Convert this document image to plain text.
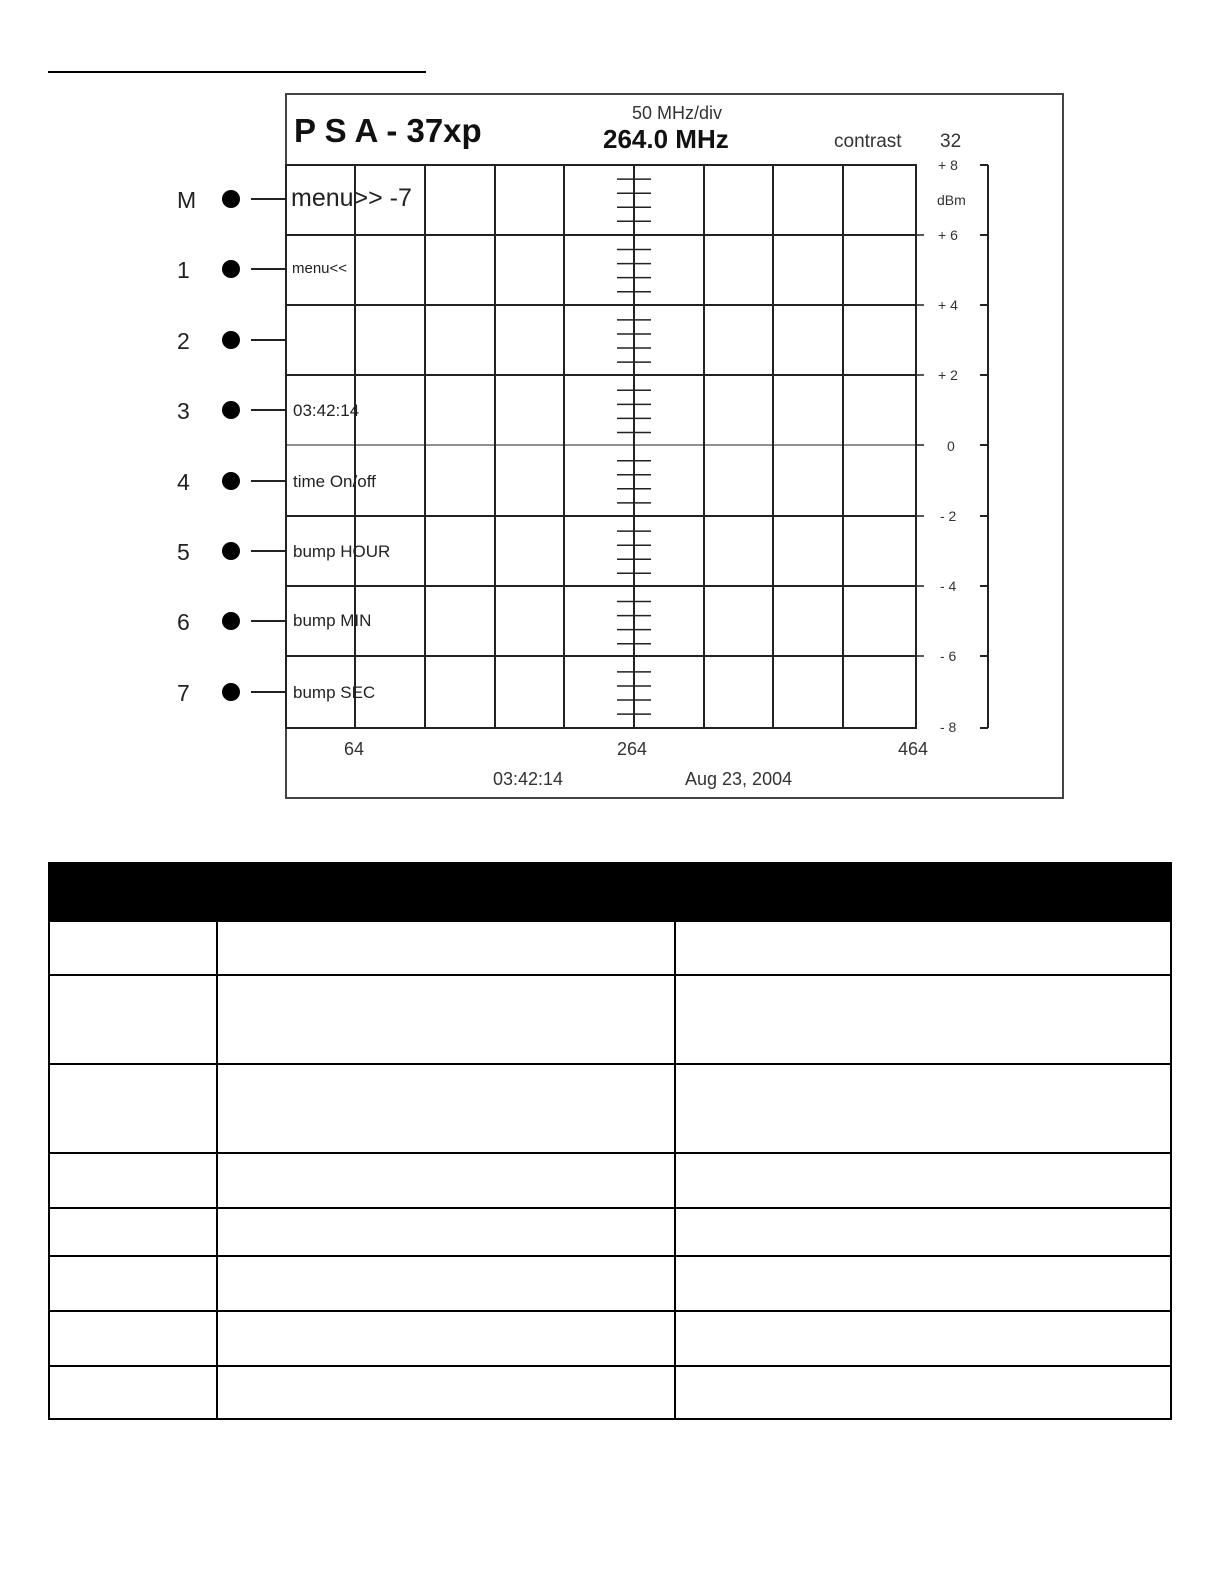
P S A - 37xp	50 MHz/div
264.0 MHz	contrast 32
dBm
+ 8
+ 6
+ 4
+ 2
0
- 2
- 4
- 6
- 8
64	264	464
03:42:14	Aug 23, 2004
M	menu>> -7
1	menu<<
2
3	03:42:14
4	time On/off
5	bump HOUR
6	bump MIN
7	bump SEC
